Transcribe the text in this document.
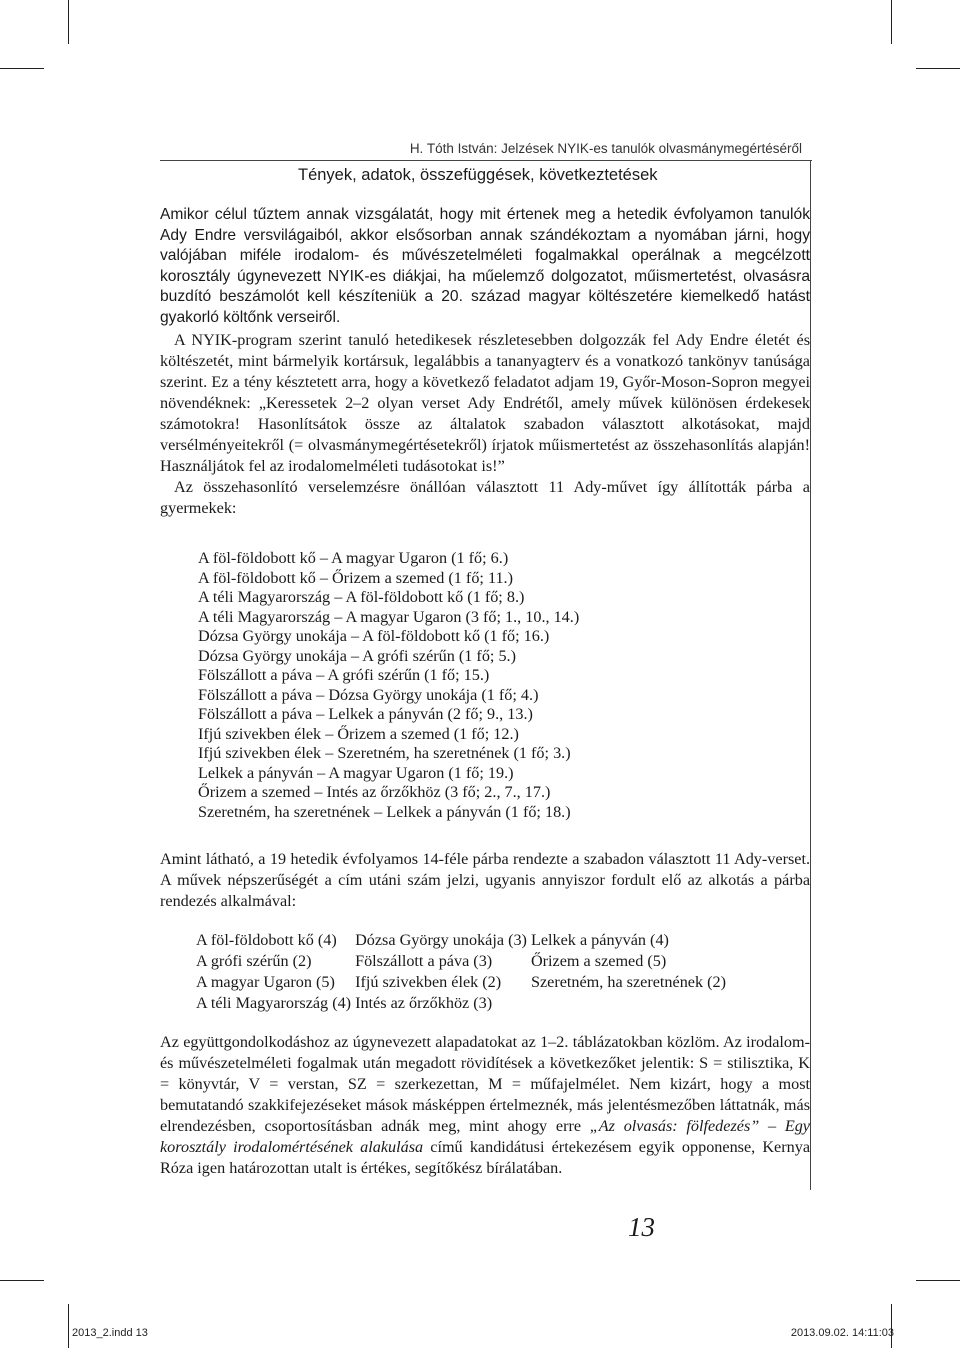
H. Tóth István: Jelzések NYIK-es tanulók olvasmánymegértéséről
Tények, adatok, összefüggések, következtetések

Amikor célul tűztem annak vizsgálatát, hogy mit értenek meg a hetedik évfolyamon tanulók Ady Endre versvilágaiból, akkor elsősorban annak szándékoztam a nyomában járni, hogy valójában miféle irodalom- és művészetelméleti fogalmakkal operálnak a megcélzott korosztály úgynevezett NYIK-es diákjai, ha műelemző dolgozatot, műismertetést, olvasásra buzdító beszámolót kell készíteniük a 20. század magyar költészetére kiemelkedő hatást gyakorló költőnk verseiről.

A NYIK-program szerint tanuló hetedikesek részletesebben dolgozzák fel Ady Endre életét és költészetét, mint bármelyik kortársuk, legalábbis a tananyagterv és a vonatkozó tankönyv tanúsága szerint. Ez a tény késztetett arra, hogy a következő feladatot adjam 19, Győr-Moson-Sopron megyei növendéknek: „Keressetek 2–2 olyan verset Ady Endrétől, amely művek különösen érdekesek számotokra! Hasonlítsátok össze az általatok szabadon választott alkotásokat, majd versélményeitekről (= olvasmánymegértésetekről) írjatok műismertetést az összehasonlítás alapján! Használjátok fel az irodalomelméleti tudásotokat is!”

Az összehasonlító verselemzésre önállóan választott 11 Ady-művet így állították párba a gyermekek:

A föl-földobott kő – A magyar Ugaron (1 fő; 6.)
A föl-földobott kő – Őrizem a szemed (1 fő; 11.)
A téli Magyarország – A föl-földobott kő (1 fő; 8.)
A téli Magyarország – A magyar Ugaron (3 fő; 1., 10., 14.)
Dózsa György unokája – A föl-földobott kő (1 fő; 16.)
Dózsa György unokája – A grófi szérűn (1 fő; 5.)
Fölszállott a páva – A grófi szérűn (1 fő; 15.)
Fölszállott a páva – Dózsa György unokája (1 fő; 4.)
Fölszállott a páva – Lelkek a pányván (2 fő; 9., 13.)
Ifjú szivekben élek – Őrizem a szemed (1 fő; 12.)
Ifjú szivekben élek – Szeretném, ha szeretnének (1 fő; 3.)
Lelkek a pányván – A magyar Ugaron (1 fő; 19.)
Őrizem a szemed – Intés az őrzőkhöz (3 fő; 2., 7., 17.)
Szeretném, ha szeretnének – Lelkek a pányván (1 fő; 18.)

Amint látható, a 19 hetedik évfolyamos 14-féle párba rendezte a szabadon választott 11 Ady-verset. A művek népszerűségét a cím utáni szám jelzi, ugyanis annyiszor fordult elő az alkotás a párba rendezés alkalmával:

A föl-földobott kő (4)	Dózsa György unokája (3)	Lelkek a pányván (4)
A grófi szérűn (2)	Fölszállott a páva (3)	Őrizem a szemed (5)
A magyar Ugaron (5)	Ifjú szivekben élek (2)	Szeretném, ha szeretnének (2)
A téli Magyarország (4)	Intés az őrzőkhöz (3)	

Az együttgondolkodáshoz az úgynevezett alapadatokat az 1–2. táblázatokban közlöm. Az irodalom- és művészetelméleti fogalmak után megadott rövidítések a következőket jelentik: S = stilisztika, K = könyvtár, V = verstan, SZ = szerkezettan, M = műfajelmélet. Nem kizárt, hogy a most bemutatandó szakkifejezéseket mások másképpen értelmeznék, más jelentésmezőben láttatnák, más elrendezésben, csoportosításban adnák meg, mint ahogy erre „Az olvasás: fölfedezés” – Egy korosztály irodalomértésének alakulása című kandidátusi értekezésem egyik opponense, Kernya Róza igen határozottan utalt is értékes, segítőkész bírálatában.

13
2013_2.indd 13	2013.09.02. 14:11:03
